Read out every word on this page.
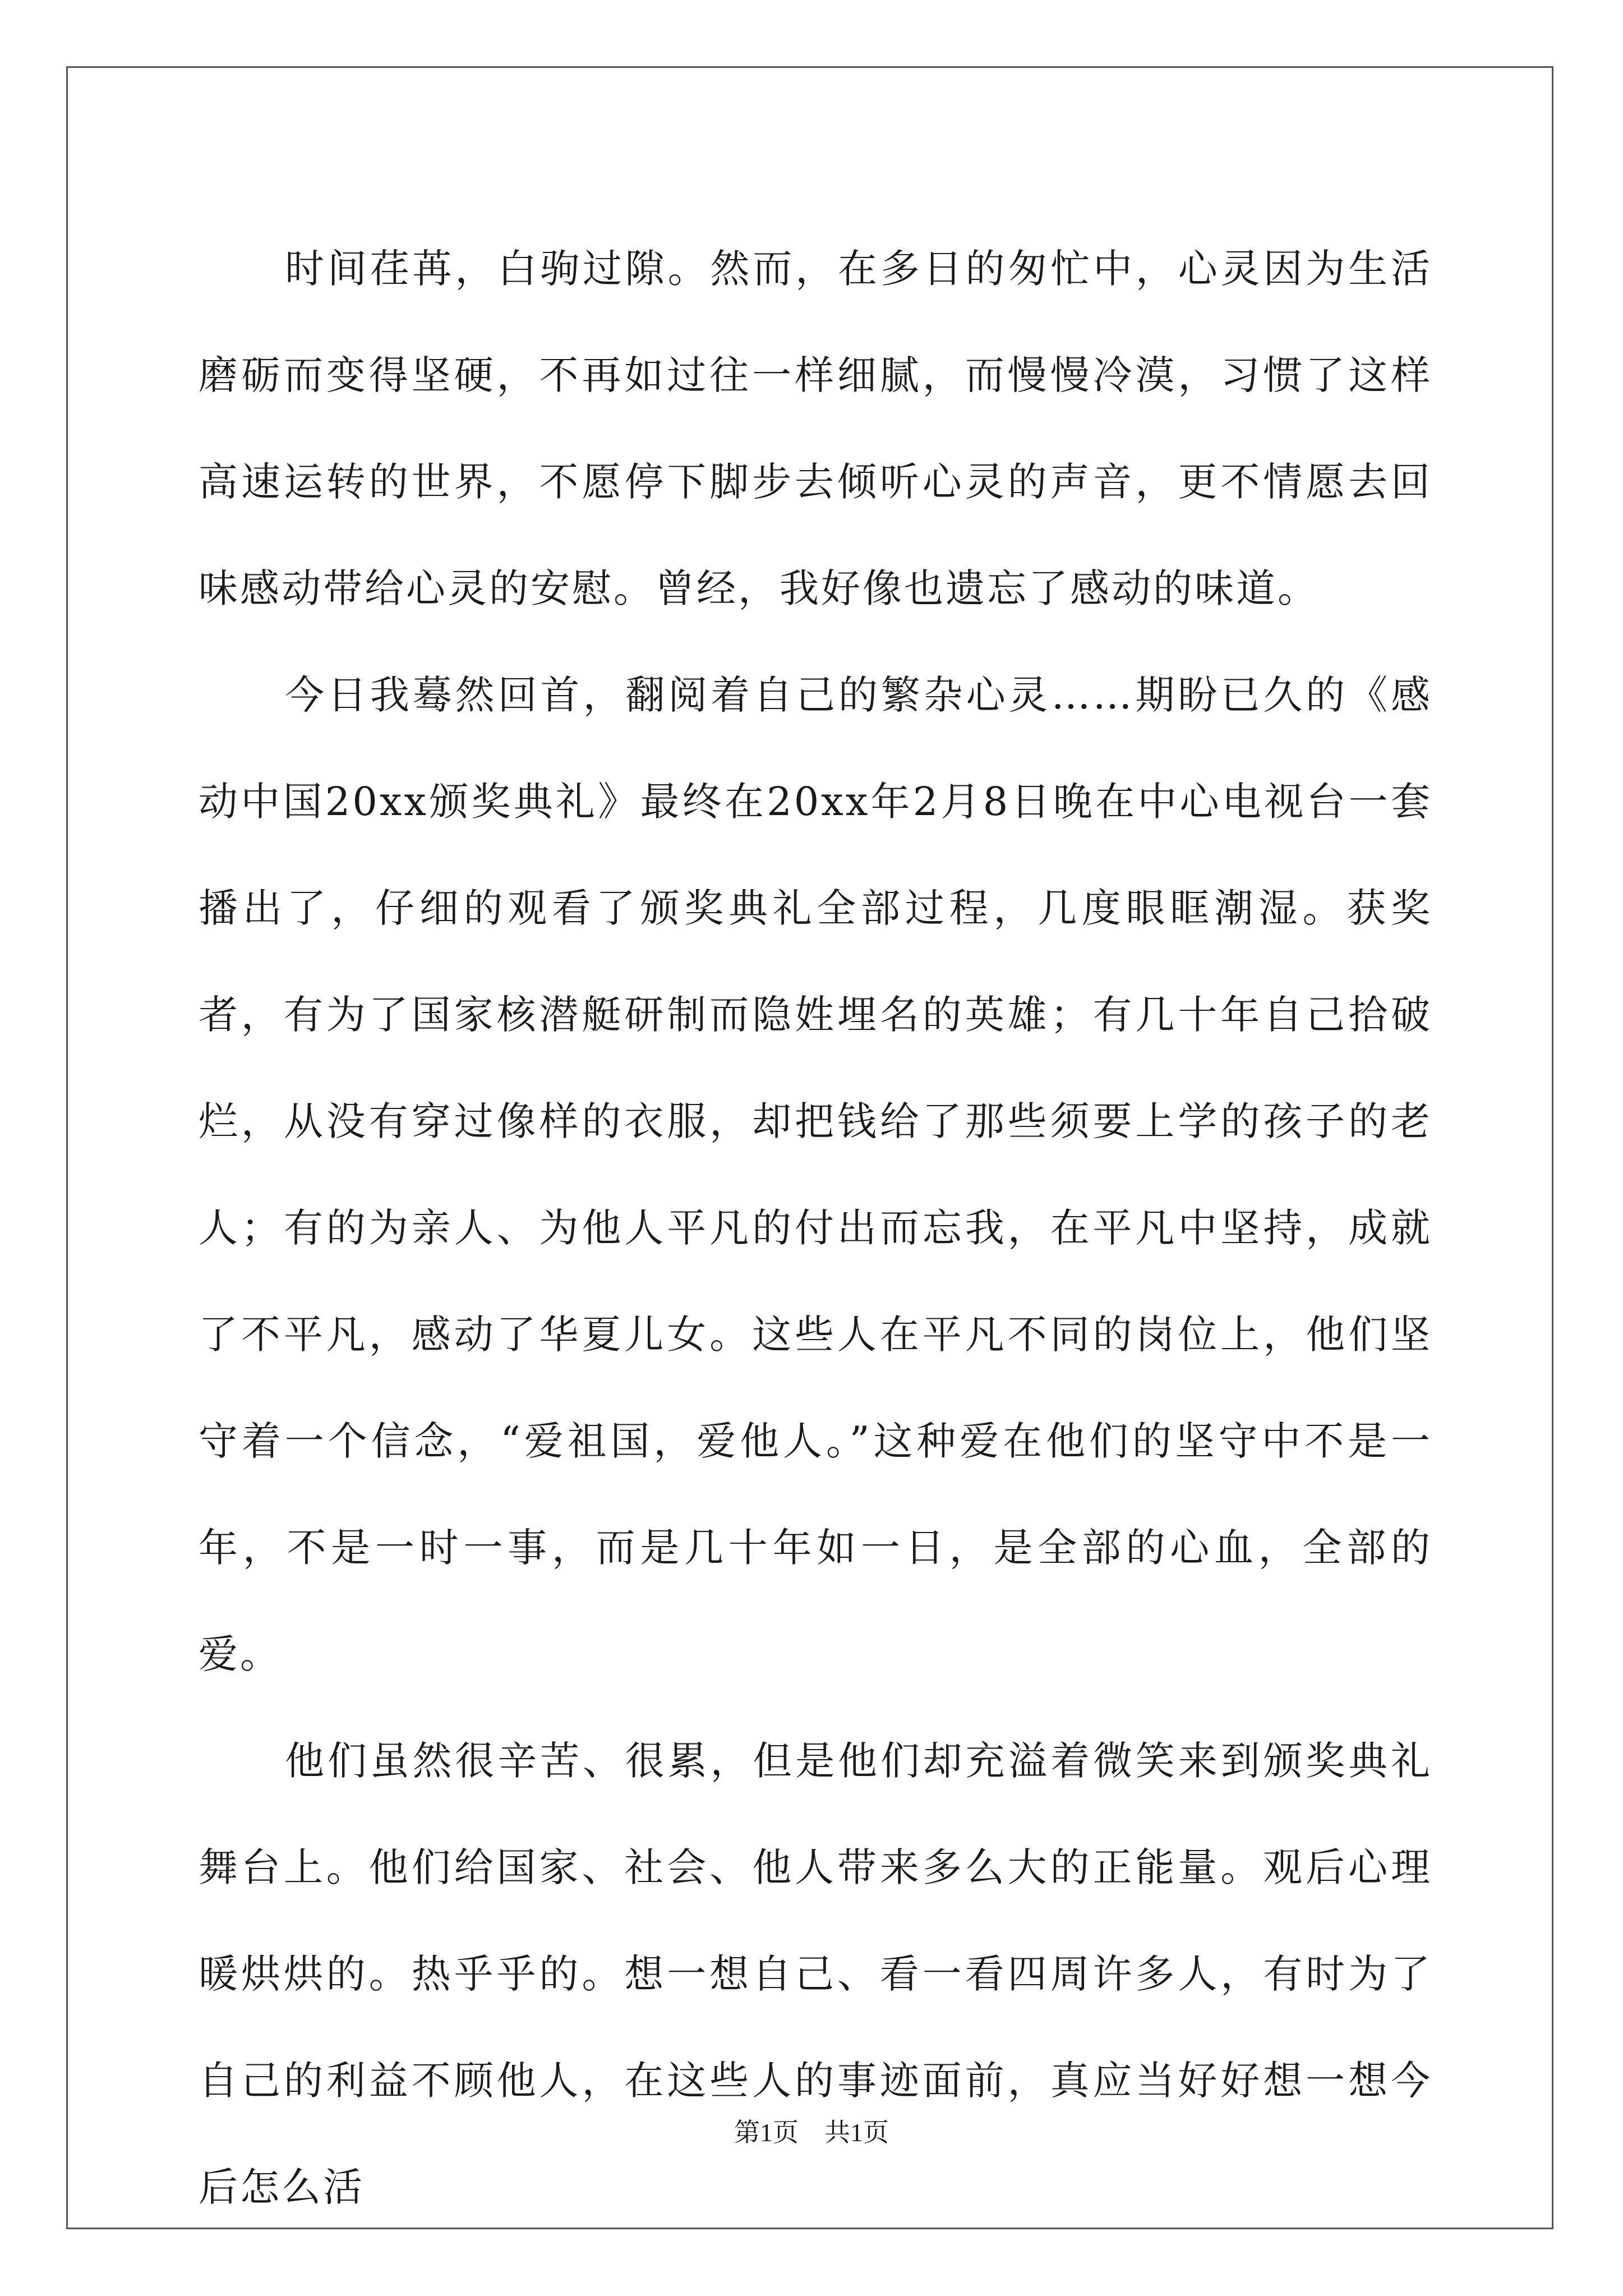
时间荏苒，白驹过隙。然而，在多日的匆忙中，心灵因为生活磨砺而变得坚硬，不再如过往一样细腻，而慢慢冷漠，习惯了这样高速运转的世界，不愿停下脚步去倾听心灵的声音，更不情愿去回味感动带给心灵的安慰。曾经，我好像也遗忘了感动的味道。

今日我蓦然回首，翻阅着自己的繁杂心灵……期盼已久的《感动中国20xx颁奖典礼》最终在20xx年2月8日晚在中心电视台一套播出了，仔细的观看了颁奖典礼全部过程，几度眼眶潮湿。获奖者，有为了国家核潜艇研制而隐姓埋名的英雄；有几十年自己拾破烂，从没有穿过像样的衣服，却把钱给了那些须要上学的孩子的老人；有的为亲人、为他人平凡的付出而忘我，在平凡中坚持，成就了不平凡，感动了华夏儿女。这些人在平凡不同的岗位上，他们坚守着一个信念，“爱祖国，爱他人。”这种爱在他们的坚守中不是一年，不是一时一事，而是几十年如一日，是全部的心血，全部的爱。

他们虽然很辛苦、很累，但是他们却充溢着微笑来到颁奖典礼舞台上。他们给国家、社会、他人带来多么大的正能量。观后心理暖烘烘的。热乎乎的。想一想自己、看一看四周许多人，有时为了自己的利益不顾他人，在这些人的事迹面前，真应当好好想一想今后怎么活

第1页　共1页
